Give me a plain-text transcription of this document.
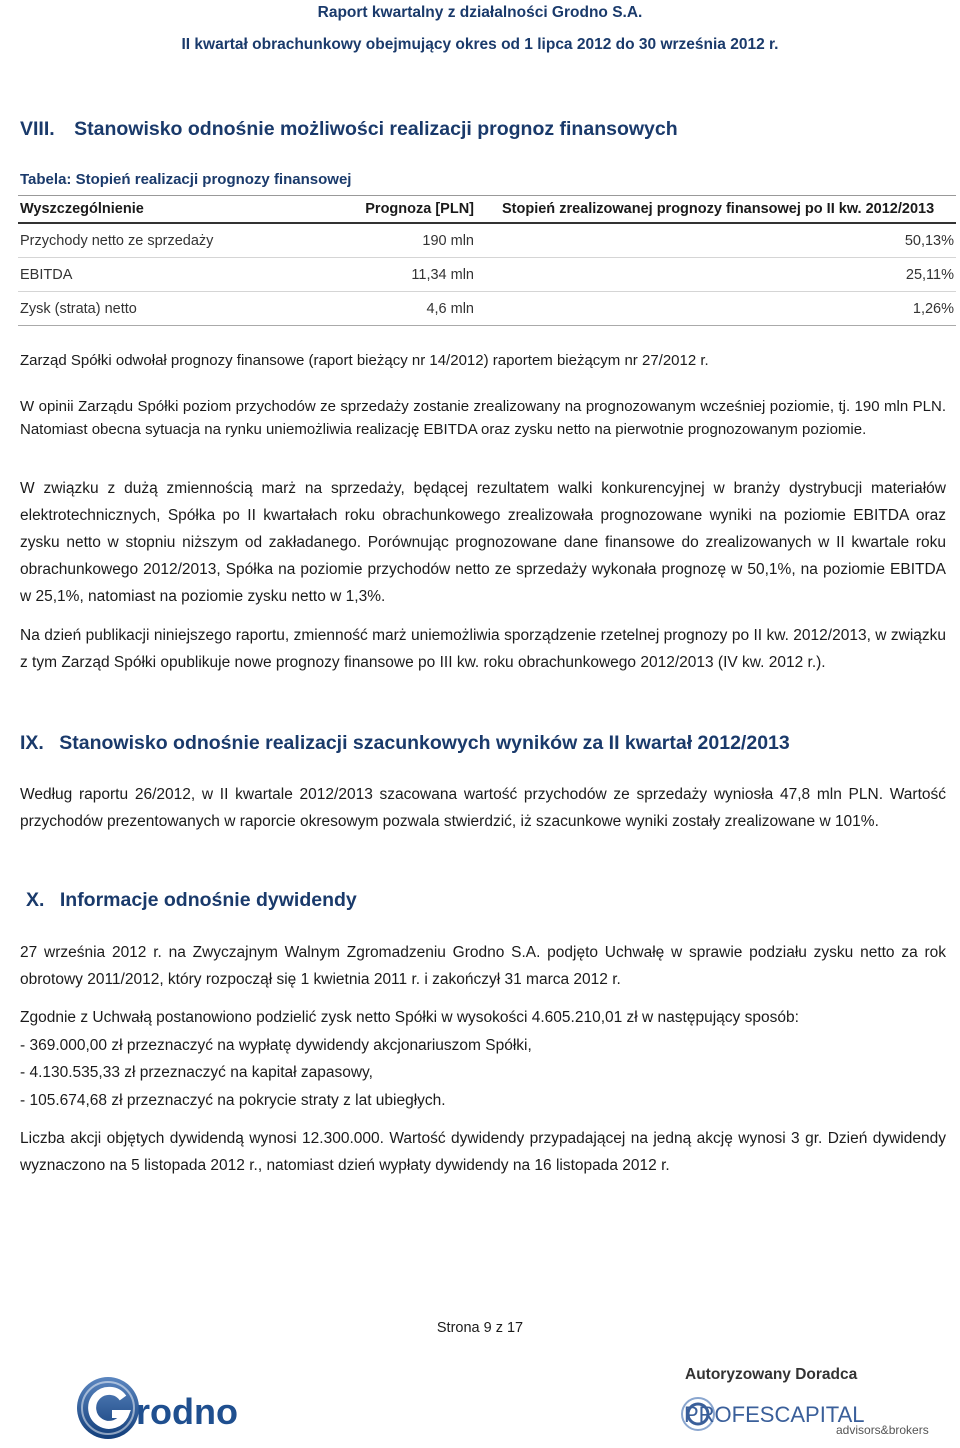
Raport kwartalny z działalności Grodno S.A.
II kwartał obrachunkowy obejmujący okres od 1 lipca 2012 do 30 września 2012 r.
VIII. Stanowisko odnośnie możliwości realizacji prognoz finansowych
Tabela: Stopień realizacji prognozy finansowej
Wyszczególnienie	Prognoza [PLN]	Stopień zrealizowanej prognozy finansowej po II kw. 2012/2013
Przychody netto ze sprzedaży	190 mln	50,13%
EBITDA	11,34 mln	25,11%
Zysk (strata) netto	4,6 mln	1,26%
Zarząd Spółki odwołał prognozy finansowe (raport bieżący nr 14/2012) raportem bieżącym nr 27/2012 r.
W opinii Zarządu Spółki poziom przychodów ze sprzedaży zostanie zrealizowany na prognozowanym wcześniej poziomie, tj. 190 mln PLN. Natomiast obecna sytuacja na rynku uniemożliwia realizację EBITDA oraz zysku netto na pierwotnie prognozowanym poziomie.
W związku z dużą zmiennością marż na sprzedaży, będącej rezultatem walki konkurencyjnej w branży dystrybucji materiałów elektrotechnicznych, Spółka po II kwartałach roku obrachunkowego zrealizowała prognozowane wyniki na poziomie EBITDA oraz zysku netto w stopniu niższym od zakładanego. Porównując prognozowane dane finansowe do zrealizowanych w II kwartale roku obrachunkowego 2012/2013, Spółka na poziomie przychodów netto ze sprzedaży wykonała prognozę w 50,1%, na poziomie EBITDA w 25,1%, natomiast na poziomie zysku netto w 1,3%.
Na dzień publikacji niniejszego raportu, zmienność marż uniemożliwia sporządzenie rzetelnej prognozy po II kw. 2012/2013, w związku z tym Zarząd Spółki opublikuje nowe prognozy finansowe po III kw. roku obrachunkowego 2012/2013 (IV kw. 2012 r.).
IX. Stanowisko odnośnie realizacji szacunkowych wyników za II kwartał 2012/2013
Według raportu 26/2012, w II kwartale 2012/2013 szacowana wartość przychodów ze sprzedaży wyniosła 47,8 mln PLN. Wartość przychodów prezentowanych w raporcie okresowym pozwala stwierdzić, iż szacunkowe wyniki zostały zrealizowane w 101%.
X. Informacje odnośnie dywidendy
27 września 2012 r. na Zwyczajnym Walnym Zgromadzeniu Grodno S.A. podjęto Uchwałę w sprawie podziału zysku netto za rok obrotowy 2011/2012, który rozpoczął się 1 kwietnia 2011 r. i zakończył 31 marca 2012 r.
Zgodnie z Uchwałą postanowiono podzielić zysk netto Spółki w wysokości 4.605.210,01 zł w następujący sposób:
- 369.000,00 zł przeznaczyć na wypłatę dywidendy akcjonariuszom Spółki,
- 4.130.535,33 zł przeznaczyć na kapitał zapasowy,
- 105.674,68 zł przeznaczyć na pokrycie straty z lat ubiegłych.
Liczba akcji objętych dywidendą wynosi 12.300.000. Wartość dywidendy przypadającej na jedną akcję wynosi 3 gr. Dzień dywidendy wyznaczono na 5 listopada 2012 r., natomiast dzień wypłaty dywidendy na 16 listopada 2012 r.
Strona 9 z 17
rodno
Autoryzowany Doradca
PROFESCAPITAL
advisors&brokers
